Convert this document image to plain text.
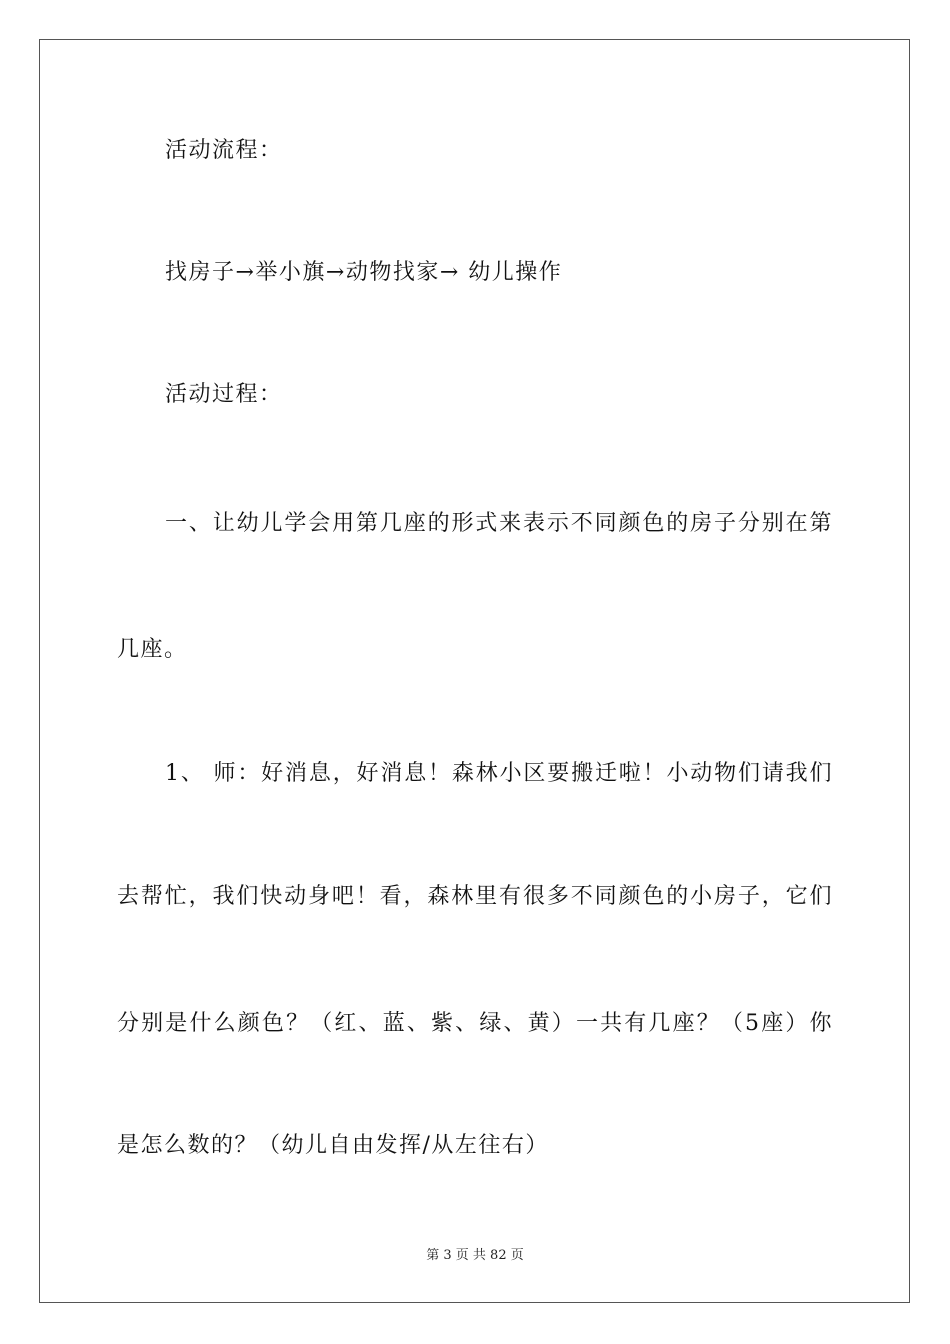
活动流程：
找房子→举小旗→动物找家→ 幼儿操作
活动过程：
一、让幼儿学会用第几座的形式来表示不同颜色的房子分别在第
几座。
1、 师：好消息，好消息！森林小区要搬迁啦！小动物们请我们
去帮忙，我们快动身吧！看，森林里有很多不同颜色的小房子，它们
分别是什么颜色？（红、蓝、紫、绿、黄）一共有几座？（5座）你
是怎么数的？（幼儿自由发挥/从左往右）
第 3 页 共 82 页
